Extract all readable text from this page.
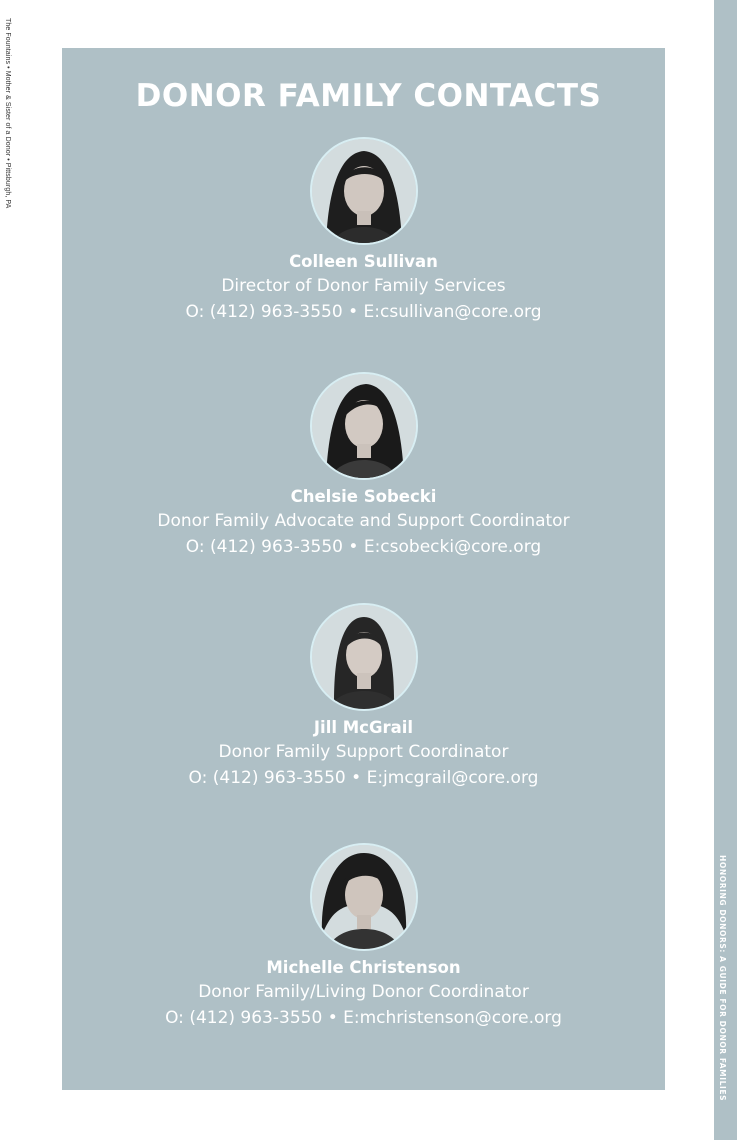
The Fountains • Mother & Sister of a Donor • Pittsburgh, PA
HONORING DONORS: A GUIDE FOR DONOR FAMILIES
DONOR FAMILY CONTACTS
Colleen Sullivan
Director of Donor Family Services
O: (412) 963-3550 • E:csullivan@core.org
Chelsie Sobecki
Donor Family Advocate and Support Coordinator
O: (412) 963-3550 • E:csobecki@core.org
Jill McGrail
Donor Family Support Coordinator
O: (412) 963-3550 • E:jmcgrail@core.org
Michelle Christenson
Donor Family/Living Donor Coordinator
O: (412) 963-3550 • E:mchristenson@core.org
